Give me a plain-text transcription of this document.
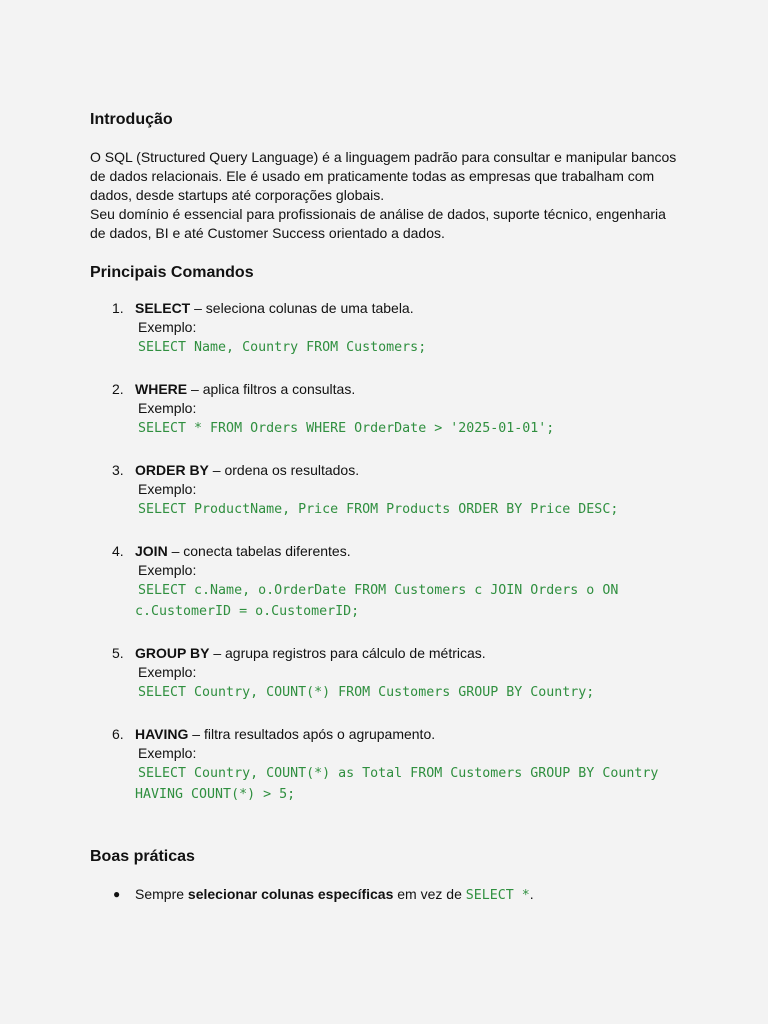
Introdução

O SQL (Structured Query Language) é a linguagem padrão para consultar e manipular bancos de dados relacionais. Ele é usado em praticamente todas as empresas que trabalham com dados, desde startups até corporações globais.
Seu domínio é essencial para profissionais de análise de dados, suporte técnico, engenharia de dados, BI e até Customer Success orientado a dados.

Principais Comandos
1. SELECT – seleciona colunas de uma tabela.
Exemplo:
SELECT Name, Country FROM Customers;
2. WHERE – aplica filtros a consultas.
Exemplo:
SELECT * FROM Orders WHERE OrderDate > '2025-01-01';
3. ORDER BY – ordena os resultados.
Exemplo:
SELECT ProductName, Price FROM Products ORDER BY Price DESC;
4. JOIN – conecta tabelas diferentes.
Exemplo:
SELECT c.Name, o.OrderDate FROM Customers c JOIN Orders o ON
c.CustomerID = o.CustomerID;
5. GROUP BY – agrupa registros para cálculo de métricas.
Exemplo:
SELECT Country, COUNT(*) FROM Customers GROUP BY Country;
6. HAVING – filtra resultados após o agrupamento.
Exemplo:
SELECT Country, COUNT(*) as Total FROM Customers GROUP BY Country
HAVING COUNT(*) > 5;
Boas práticas
● Sempre selecionar colunas específicas em vez de SELECT *.
